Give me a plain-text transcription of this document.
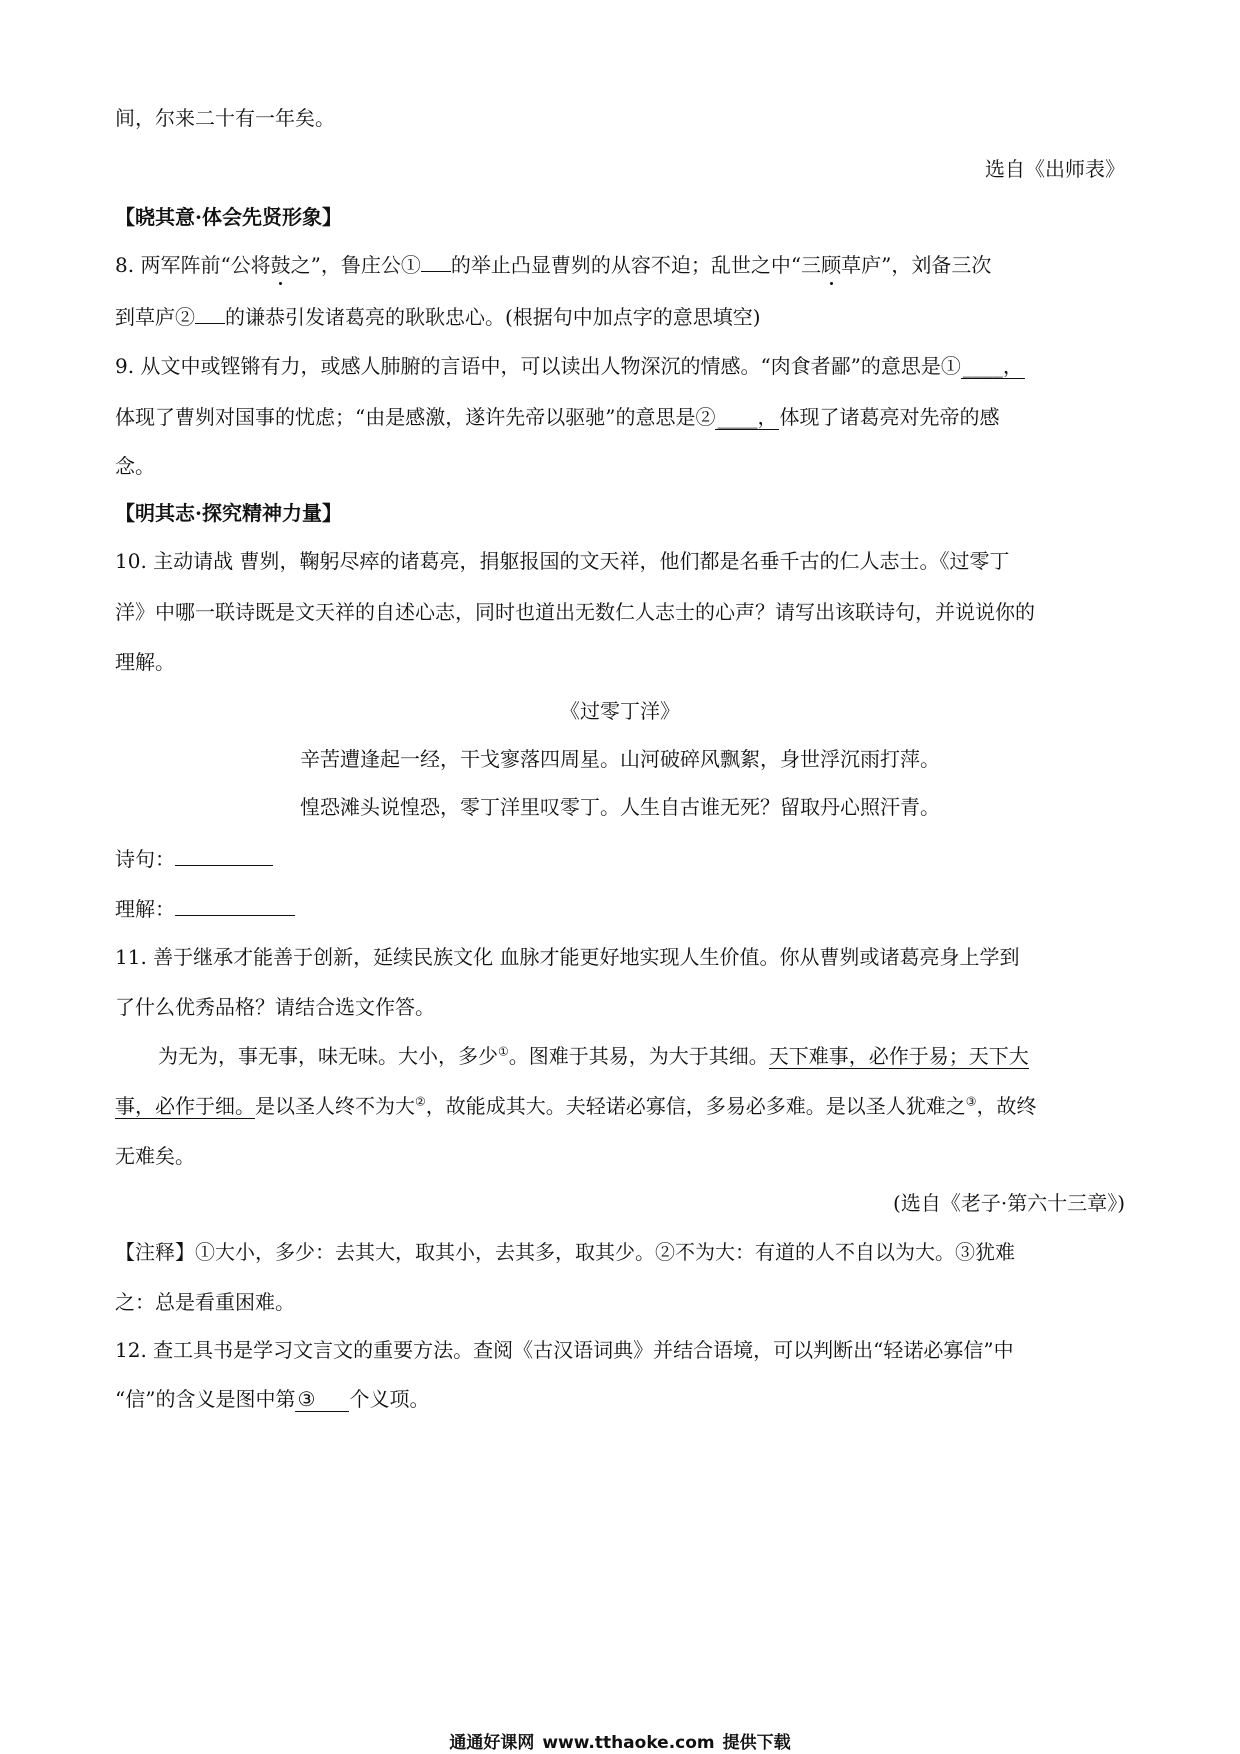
间，尔来二十有一年矣。
选自《出师表》
【晓其意·体会先贤形象】
8. 两军阵前“公将鼓之”，鲁庄公① 的举止凸显曹刿的从容不迫；乱世之中“三顾草庐”，刘备三次
到草庐② 的谦恭引发诸葛亮的耿耿忠心。(根据句中加点字的意思填空)
9. 从文中或铿锵有力，或感人肺腑的言语中，可以读出人物深沉的情感。“肉食者鄙”的意思是① ____，
体现了曹刿对国事的忧虑；“由是感激，遂许先帝以驱驰”的意思是② ____， 体现了诸葛亮对先帝的感
念。
【明其志·探究精神力量】
10. 主动请战 曹刿，鞠躬尽瘁的诸葛亮，捐躯报国的文天祥，他们都是名垂千古的仁人志士。《过零丁
洋》中哪一联诗既是文天祥的自述心志，同时也道出无数仁人志士的心声？请写出该联诗句，并说说你的
理解。
《过零丁洋》
辛苦遭逢起一经，干戈寥落四周星。山河破碎风飘絮，身世浮沉雨打萍。
惶恐滩头说惶恐，零丁洋里叹零丁。人生自古谁无死？留取丹心照汗青。
诗句：
理解：
11. 善于继承才能善于创新，延续民族文化 血脉才能更好地实现人生价值。你从曹刿或诸葛亮身上学到
了什么优秀品格？请结合选文作答。
为无为，事无事，味无味。大小，多少①。图难于其易，为大于其细。天下难事，必作于易；天下大
事，必作于细。是以圣人终不为大②，故能成其大。夫轻诺必寡信，多易必多难。是以圣人犹难之③，故终
无难矣。
(选自《老子·第六十三章》)
【注释】①大小，多少：去其大，取其小，去其多，取其少。②不为大：有道的人不自以为大。③犹难
之：总是看重困难。
12. 查工具书是学习文言文的重要方法。查阅《古汉语词典》并结合语境，可以判断出“轻诺必寡信”中
“信”的含义是图中第 ③ 个义项。
通通好课网 www.tthaoke.com 提供下载
